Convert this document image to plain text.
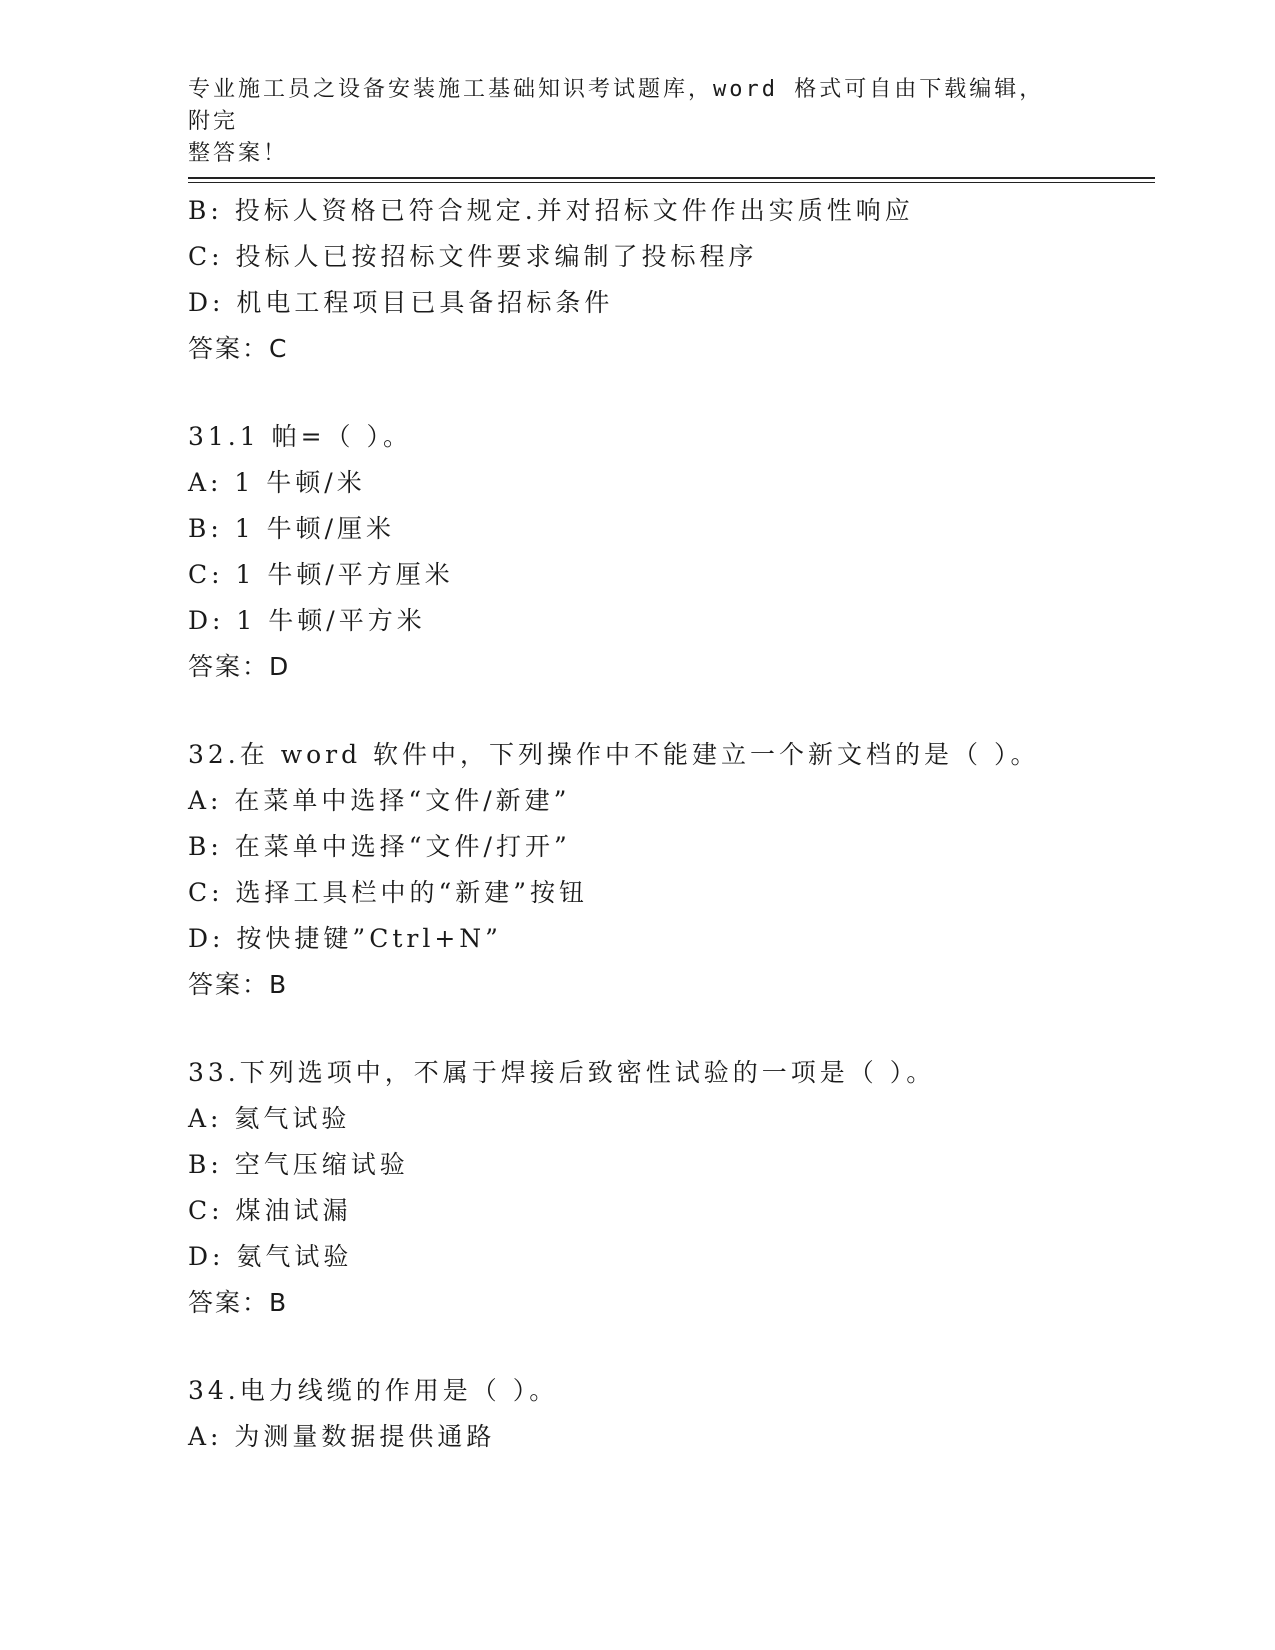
专业施工员之设备安装施工基础知识考试题库，word 格式可自由下载编辑，附完
整答案！
B: 投标人资格已符合规定.并对招标文件作出实质性响应
C: 投标人已按招标文件要求编制了投标程序
D: 机电工程项目已具备招标条件
答案：C
31.1 帕=（ ）。
A: 1 牛顿/米
B: 1 牛顿/厘米
C: 1 牛顿/平方厘米
D: 1 牛顿/平方米
答案：D
32.在 word 软件中，下列操作中不能建立一个新文档的是（ ）。
A: 在菜单中选择“文件/新建”
B: 在菜单中选择“文件/打开”
C: 选择工具栏中的“新建”按钮
D: 按快捷键”Ctrl+N”
答案：B
33.下列选项中，不属于焊接后致密性试验的一项是（ ）。
A: 氦气试验
B: 空气压缩试验
C: 煤油试漏
D: 氨气试验
答案：B
34.电力线缆的作用是（ ）。
A: 为测量数据提供通路
